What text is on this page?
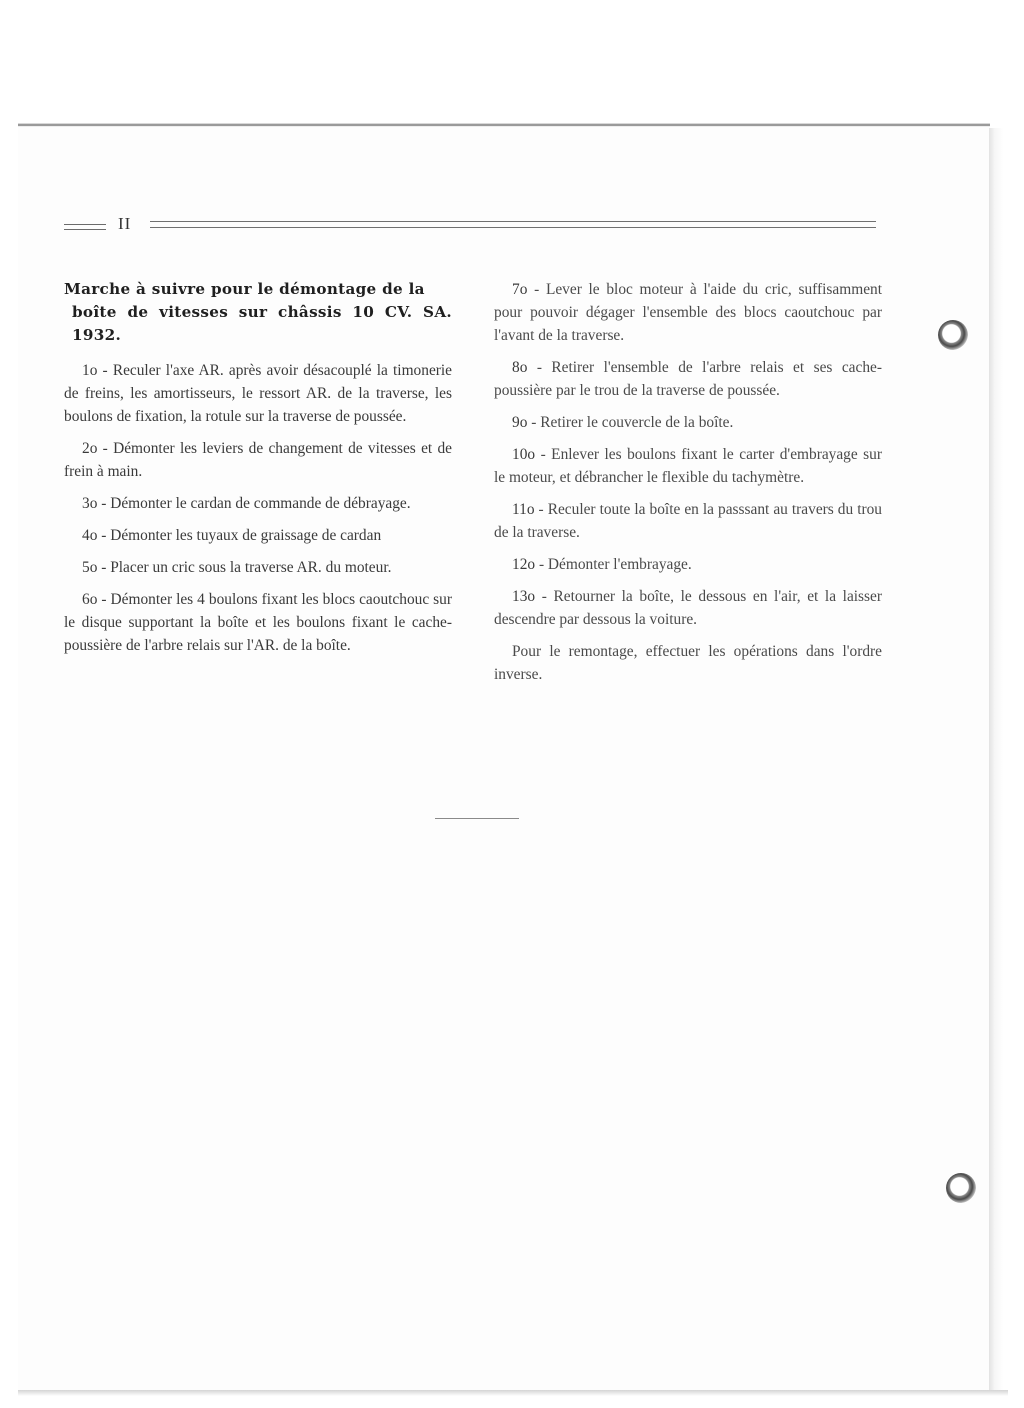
II

Marche à suivre pour le démontage de la
boîte de vitesses sur châssis 10 CV. SA. 1932.

1o - Reculer l'axe AR. après avoir désacouplé la timonerie de freins, les amortisseurs, le ressort AR. de la traverse, les boulons de fixation, la rotule sur la traverse de poussée.

2o - Démonter les leviers de changement de vitesses et de frein à main.

3o - Démonter le cardan de commande de débrayage.

4o - Démonter les tuyaux de graissage de cardan

5o - Placer un cric sous la traverse AR. du moteur.

6o - Démonter les 4 boulons fixant les blocs caoutchouc sur le disque supportant la boîte et les boulons fixant le cache-poussière de l'arbre relais sur l'AR. de la boîte.

7o - Lever le bloc moteur à l'aide du cric, suffisamment pour pouvoir dégager l'ensemble des blocs caoutchouc par l'avant de la traverse.

8o - Retirer l'ensemble de l'arbre relais et ses cache-poussière par le trou de la traverse de poussée.

9o - Retirer le couvercle de la boîte.

10o - Enlever les boulons fixant le carter d'embrayage sur le moteur, et débrancher le flexible du tachymètre.

11o - Reculer toute la boîte en la passsant au travers du trou de la traverse.

12o - Démonter l'embrayage.

13o - Retourner la boîte, le dessous en l'air, et la laisser descendre par dessous la voiture.

Pour le remontage, effectuer les opérations dans l'ordre inverse.
